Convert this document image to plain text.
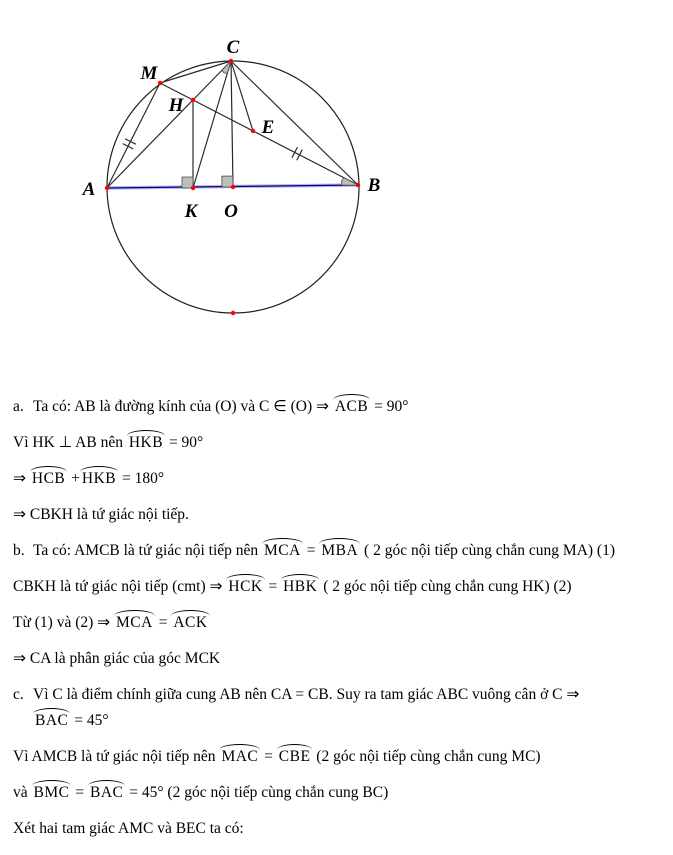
A	B
C
M
H
E
K O
a. Ta có: AB là đường kính của (O) và C ∈ (O) ⇒ ACB = 90°
Vì HK ⊥ AB nên HKB = 90°
⇒ HCB + HKB = 180°
⇒ CBKH là tứ giác nội tiếp.
b. Ta có: AMCB là tứ giác nội tiếp nên MCA = MBA ( 2 góc nội tiếp cùng chắn cung MA) (1)
CBKH là tứ giác nội tiếp (cmt) ⇒ HCK = HBK ( 2 góc nội tiếp cùng chắn cung HK) (2)
Từ (1) và (2) ⇒ MCA = ACK
⇒ CA là phân giác của góc MCK
c. Vì C là điểm chính giữa cung AB nên CA = CB. Suy ra tam giác ABC vuông cân ở C ⇒
BAC = 45°
Vì AMCB là tứ giác nội tiếp nên MAC = CBE (2 góc nội tiếp cùng chắn cung MC)
và BMC = BAC = 45° (2 góc nội tiếp cùng chắn cung BC)
Xét hai tam giác AMC và BEC ta có:
